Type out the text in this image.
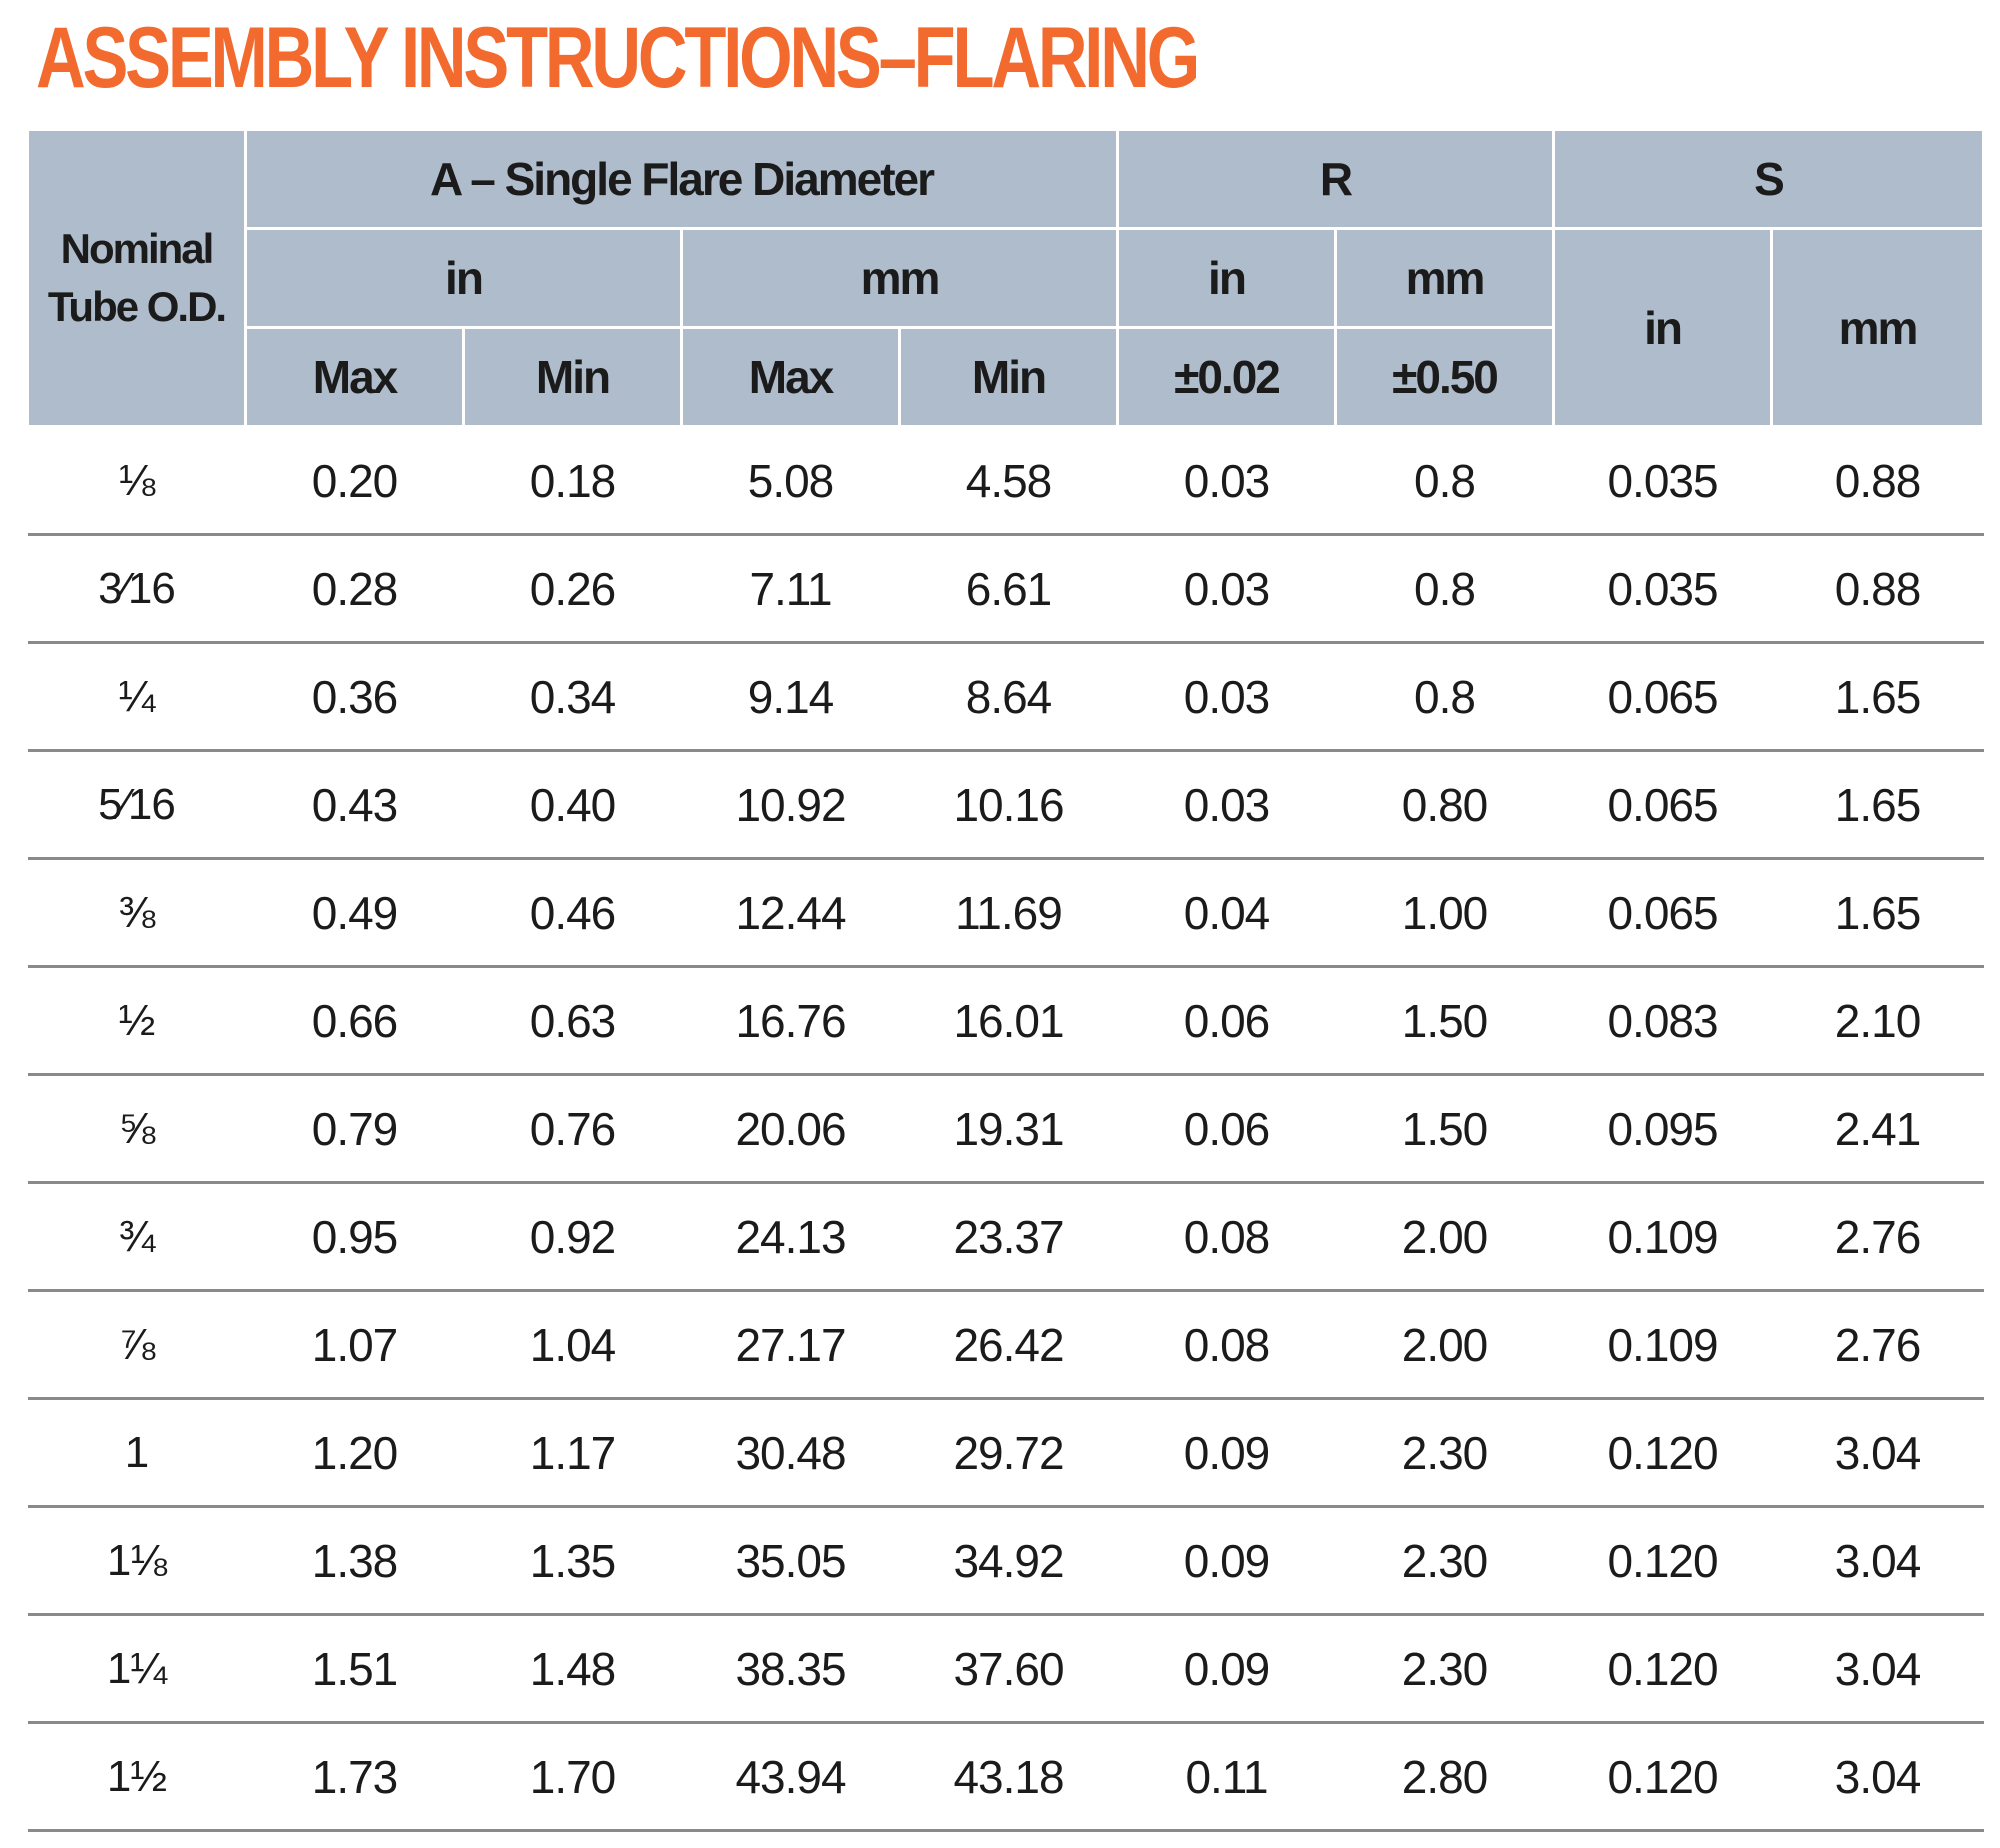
ASSEMBLY INSTRUCTIONS–FLARING
Nominal Tube O.D.	A – Single Flare Diameter				R		S	
	in		mm		in	mm	in	mm
	Max	Min	Max	Min	±0.02	±0.50		
⅛	0.20	0.18	5.08	4.58	0.03	0.8	0.035	0.88
3⁄16	0.28	0.26	7.11	6.61	0.03	0.8	0.035	0.88
¼	0.36	0.34	9.14	8.64	0.03	0.8	0.065	1.65
5⁄16	0.43	0.40	10.92	10.16	0.03	0.80	0.065	1.65
⅜	0.49	0.46	12.44	11.69	0.04	1.00	0.065	1.65
½	0.66	0.63	16.76	16.01	0.06	1.50	0.083	2.10
⅝	0.79	0.76	20.06	19.31	0.06	1.50	0.095	2.41
¾	0.95	0.92	24.13	23.37	0.08	2.00	0.109	2.76
⅞	1.07	1.04	27.17	26.42	0.08	2.00	0.109	2.76
1	1.20	1.17	30.48	29.72	0.09	2.30	0.120	3.04
1⅛	1.38	1.35	35.05	34.92	0.09	2.30	0.120	3.04
1¼	1.51	1.48	38.35	37.60	0.09	2.30	0.120	3.04
1½	1.73	1.70	43.94	43.18	0.11	2.80	0.120	3.04
